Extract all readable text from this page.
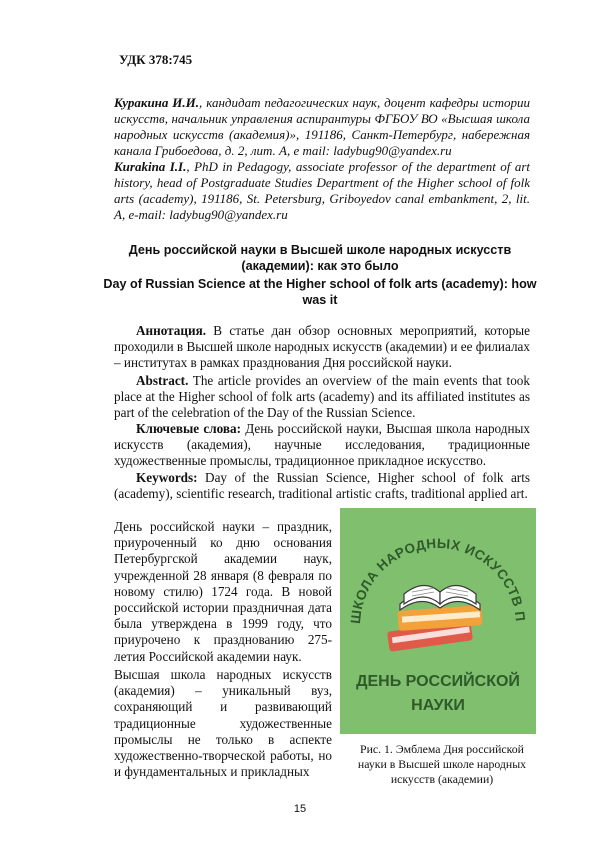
УДК 378:745
Куракина И.И., кандидат педагогических наук, доцент кафедры истории искусств, начальник управления аспирантуры ФГБОУ ВО «Высшая школа народных искусств (академия)», 191186, Санкт-Петербург, набережная канала Грибоедова, д. 2, лит. А, e mail: ladybug90@yandex.ru
Kurakina I.I., PhD in Pedagogy, associate professor of the department of art history, head of Postgraduate Studies Department of the Higher school of folk arts (academy), 191186, St. Petersburg, Griboyedov canal embankment, 2, lit. A, e-mail: ladybug90@yandex.ru
День российской науки в Высшей школе народных искусств (академии): как это было
Day of Russian Science at the Higher school of folk arts (academy): how was it
Аннотация. В статье дан обзор основных мероприятий, которые проходили в Высшей школе народных искусств (академии) и ее филиалах – институтах в рамках празднования Дня российской науки.
Abstract. The article provides an overview of the main events that took place at the Higher school of folk arts (academy) and its affiliated institutes as part of the celebration of the Day of the Russian Science.
Ключевые слова: День российской науки, Высшая школа народных искусств (академия), научные исследования, традиционные художественные промыслы, традиционное прикладное искусство.
Keywords: Day of the Russian Science, Higher school of folk arts (academy), scientific research, traditional artistic crafts, traditional applied art.
День российской науки – праздник, приуроченный ко дню основания Петербургской академии наук, учрежденной 28 января (8 февраля по новому стилю) 1724 года. В новой российской истории праздничная дата была утверждена в 1999 году, что приурочено к празднованию 275-летия Российской академии наук.
Высшая школа народных искусств (академия) – уникальный вуз, сохраняющий и развивающий традиционные художественные промыслы не только в аспекте художественно-творческой работы, но и фундаментальных и прикладных
ШКОЛА НАРОДНЫХ ИСКУССТВ П
ДЕНЬ РОССИЙСКОЙ
НАУКИ
Рис. 1. Эмблема Дня российской науки в Высшей школе народных искусств (академии)
15
